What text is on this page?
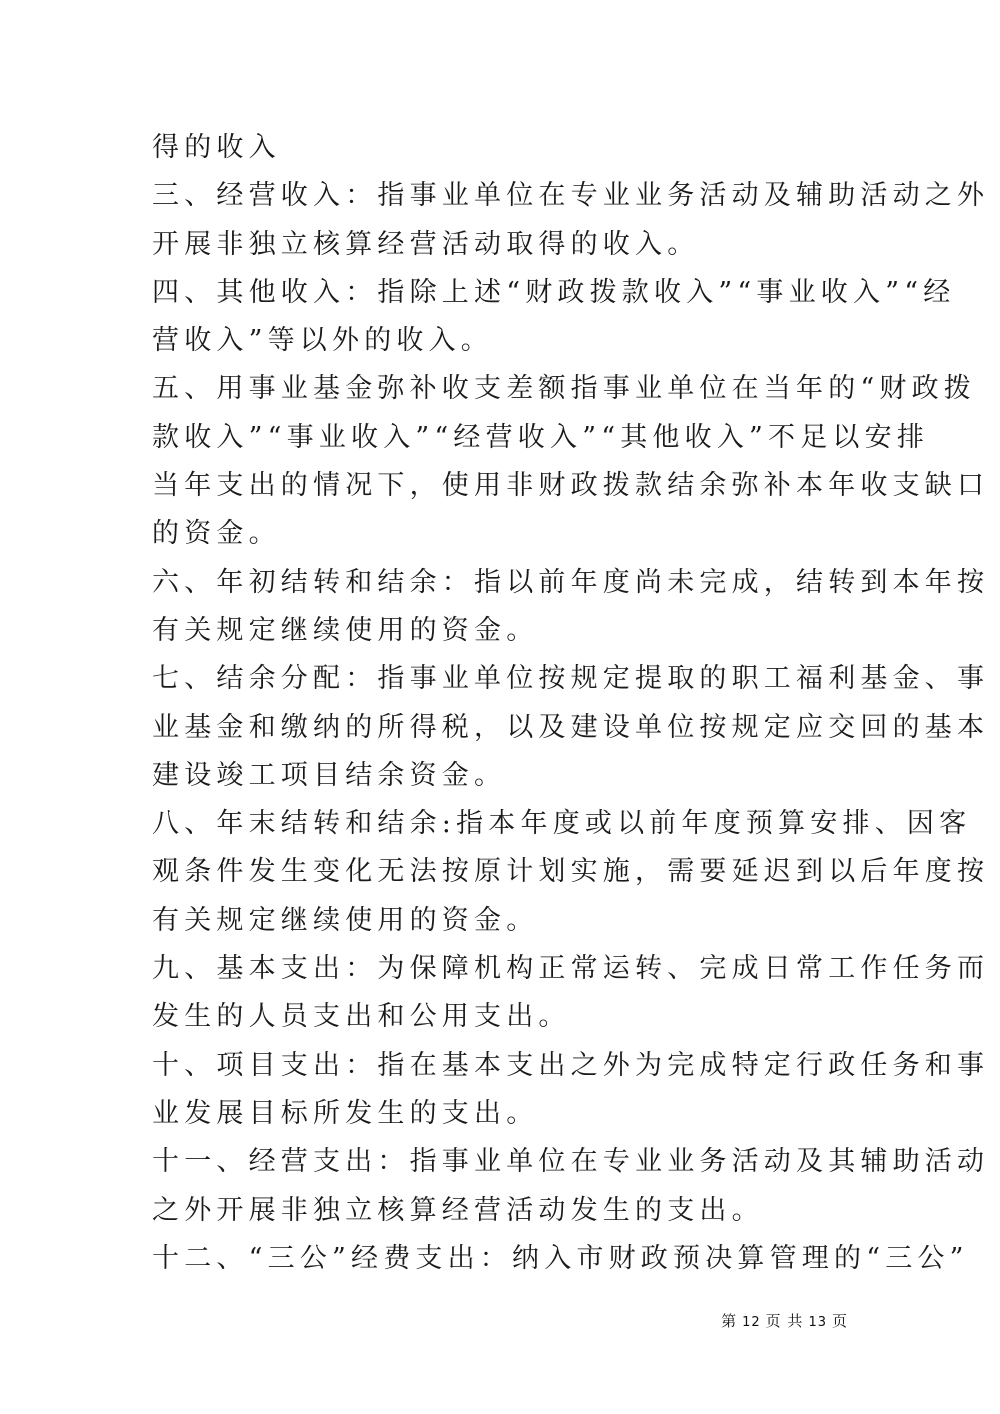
得的收入
三、经营收入：指事业单位在专业业务活动及辅助活动之外
开展非独立核算经营活动取得的收入。
四、其他收入：指除上述“财政拨款收入”“事业收入”“经
营收入”等以外的收入。
五、用事业基金弥补收支差额指事业单位在当年的“财政拨
款收入”“事业收入”“经营收入”“其他收入”不足以安排
当年支出的情况下，使用非财政拨款结余弥补本年收支缺口
的资金。
六、年初结转和结余：指以前年度尚未完成，结转到本年按
有关规定继续使用的资金。
七、结余分配：指事业单位按规定提取的职工福利基金、事
业基金和缴纳的所得税，以及建设单位按规定应交回的基本
建设竣工项目结余资金。
八、年末结转和结余:指本年度或以前年度预算安排、因客
观条件发生变化无法按原计划实施，需要延迟到以后年度按
有关规定继续使用的资金。
九、基本支出：为保障机构正常运转、完成日常工作任务而
发生的人员支出和公用支出。
十、项目支出：指在基本支出之外为完成特定行政任务和事
业发展目标所发生的支出。
十一、经营支出：指事业单位在专业业务活动及其辅助活动
之外开展非独立核算经营活动发生的支出。
十二、“三公”经费支出：纳入市财政预决算管理的“三公”
第 12 页 共 13 页
